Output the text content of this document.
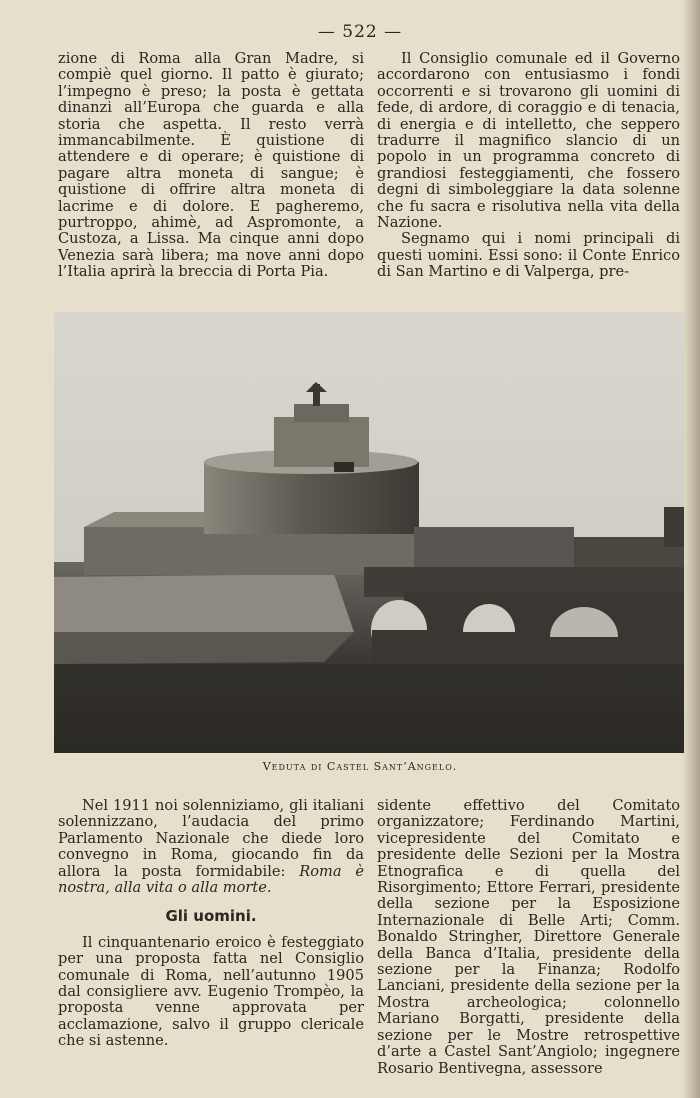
— 522 —

zione di Roma alla Gran Madre, si compiè quel giorno. Il patto è giurato; l’impegno è preso; la posta è gettata dinanzi all’Europa che guarda e alla storia che aspetta. Il resto verrà immancabilmente. È quistione di attendere e di operare; è quistione di pagare altra moneta di sangue; è quistione di offrire altra moneta di lacrime e di dolore. E pagheremo, purtroppo, ahimè, ad Aspromonte, a Custoza, a Lissa. Ma cinque anni dopo Venezia sarà libera; ma nove anni dopo l’Italia aprirà la breccia di Porta Pia.

Il Consiglio comunale ed il Governo accordarono con entusiasmo i fondi occorrenti e si trovarono gli uomini di fede, di ardore, di coraggio e di tenacia, di energia e di intelletto, che seppero tradurre il magnifico slancio di un popolo in un programma concreto di grandiosi festeggiamenti, che fossero degni di simboleggiare la data solenne che fu sacra e risolutiva nella vita della Nazione.

Segnamo qui i nomi principali di questi uomini. Essi sono: il Conte Enrico di San Martino e di Valperga, pre-

Veduta di Castel Sant’Angelo.

Nel 1911 noi solenniziamo, gli italiani solennizzano, l’audacia del primo Parlamento Nazionale che diede loro convegno in Roma, giocando fin da allora la posta formidabile: Roma è nostra, alla vita o alla morte.

Gli uomini.

Il cinquantenario eroico è festeggiato per una proposta fatta nel Consiglio comunale di Roma, nell’autunno 1905 dal consigliere avv. Eugenio Trompèo, la proposta venne approvata per acclamazione, salvo il gruppo clericale che si astenne.

sidente effettivo del Comitato organizzatore; Ferdinando Martini, vicepresidente del Comitato e presidente delle Sezioni per la Mostra Etnografica e di quella del Risorgimento; Ettore Ferrari, presidente della sezione per la Esposizione Internazionale di Belle Arti; Comm. Bonaldo Stringher, Direttore Generale della Banca d’Italia, presidente della sezione per la Finanza; Rodolfo Lanciani, presidente della sezione per la Mostra archeologica; colonnello Mariano Borgatti, presidente della sezione per le Mostre retrospettive d’arte a Castel Sant’Angiolo; ingegnere Rosario Bentivegna, assessore
